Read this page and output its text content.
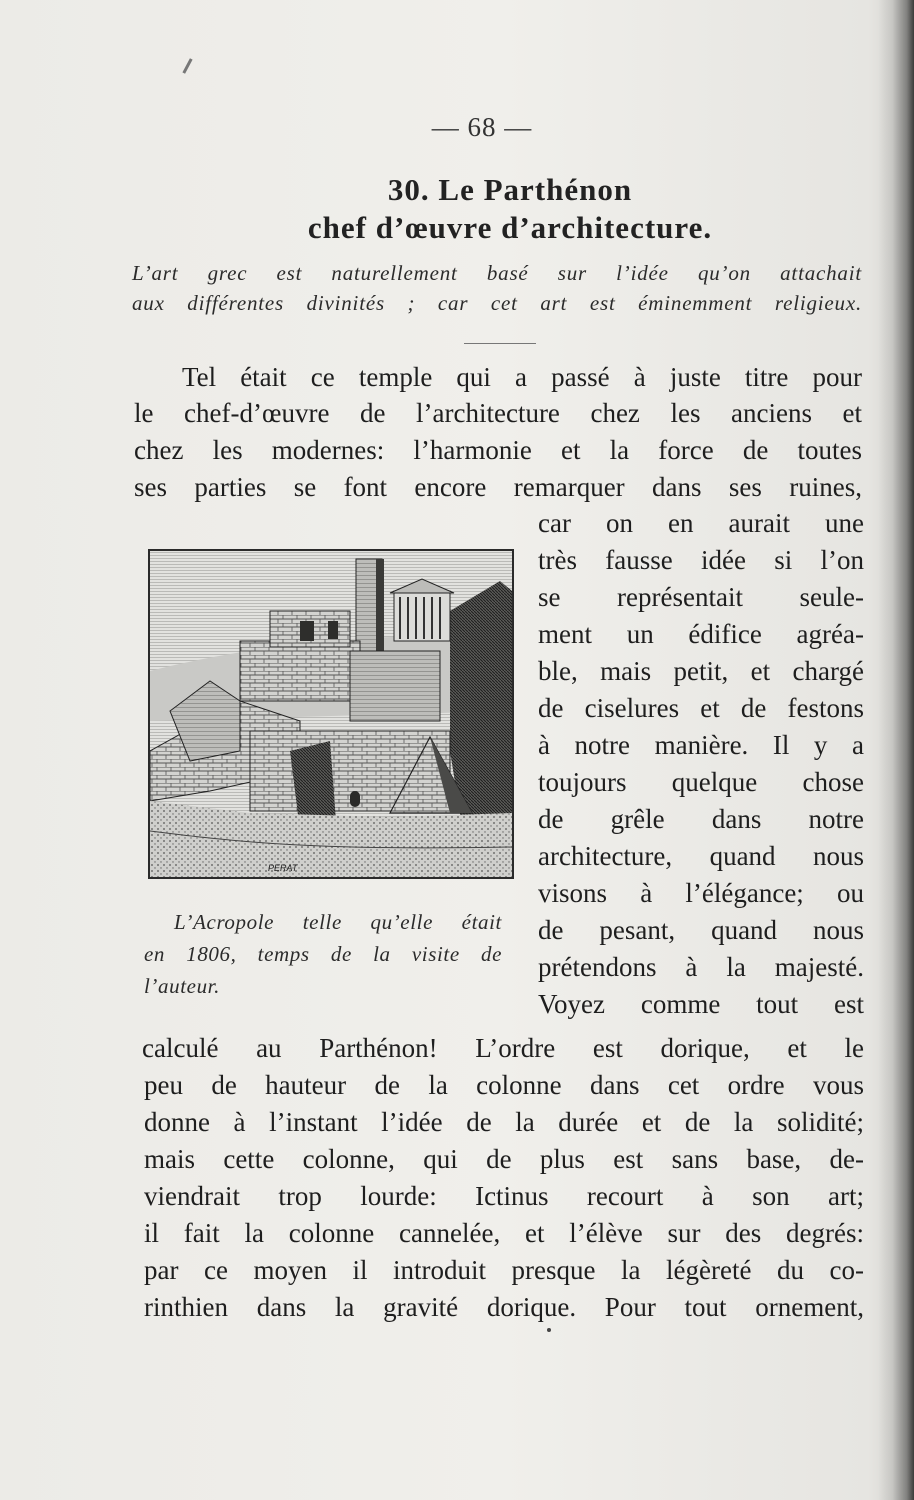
— 68 —
30. Le Parthénon
chef d’œuvre d’architecture.

L’art grec est naturellement basé sur l’idée qu’on attachait

aux différentes divinités ; car cet art est éminemment religieux.

Tel était ce temple qui a passé à juste titre pour
le chef-d’œuvre de l’architecture chez les anciens et
chez les modernes: l’harmonie et la force de toutes
ses parties se font encore remarquer dans ses ruines,
car on en aurait une
très fausse idée si l’on
se représentait seule-
ment un édifice agréa-
ble, mais petit, et chargé
de ciselures et de festons
à notre manière. Il y a
toujours quelque chose
de grêle dans notre
architecture, quand nous
visons à l’élégance; ou
de pesant, quand nous
prétendons à la majesté.
Voyez comme tout est
calculé au Parthénon! L’ordre est dorique, et le
peu de hauteur de la colonne dans cet ordre vous
donne à l’instant l’idée de la durée et de la solidité;
mais cette colonne, qui de plus est sans base, de-
viendrait trop lourde: Ictinus recourt à son art;
il fait la colonne cannelée, et l’élève sur des degrés:
par ce moyen il introduit presque la légèreté du co-
rinthien dans la gravité dorique. Pour tout ornement,
PERAT
L’Acropole telle qu’elle était
en 1806, temps de la visite de
l’auteur.
